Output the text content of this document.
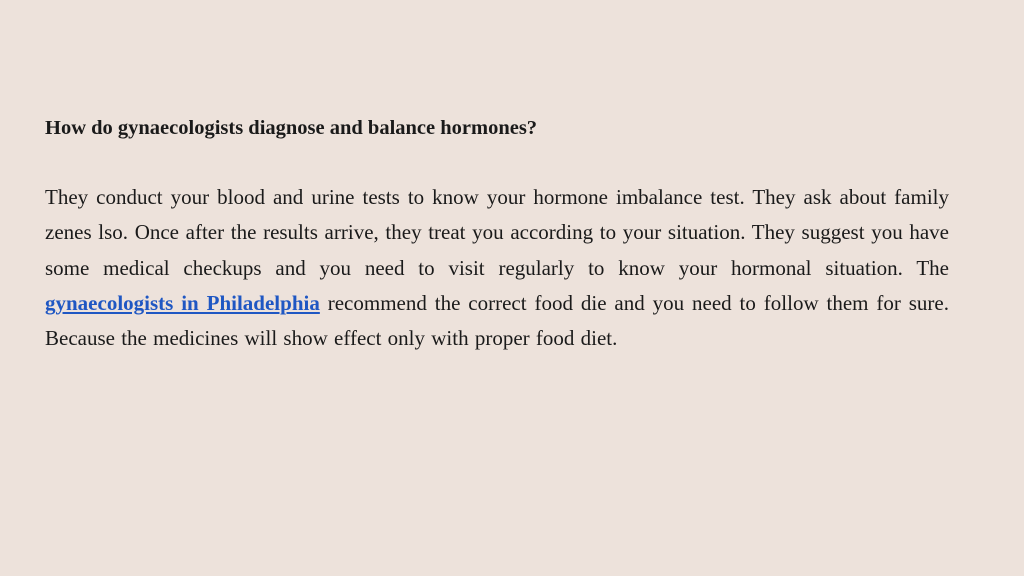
How do gynaecologists diagnose and balance hormones?

They conduct your blood and urine tests to know your hormone imbalance test. They ask about family zenes lso. Once after the results arrive, they treat you according to your situation. They suggest you have some medical checkups and you need to visit regularly to know your hormonal situation. The gynaecologists in Philadelphia recommend the correct food die and you need to follow them for sure. Because the medicines will show effect only with proper food diet.
